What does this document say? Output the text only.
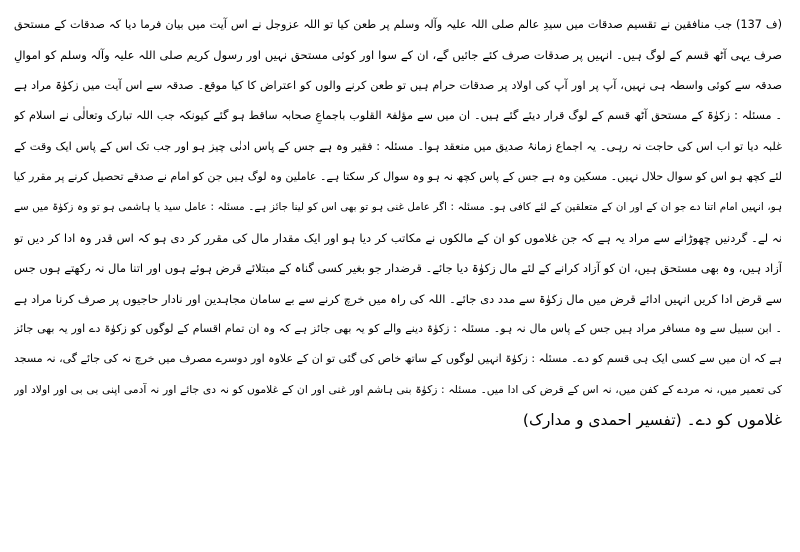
(ف 137) جب منافقین نے تقسیم صدقات میں سیدِ عالم صلی اللہ علیہ وآلہ وسلم پر طعن کیا تو اللہ عزوجل نے اس آیت میں بیان فرما دیا کہ صدقات کے مستحق
صرف یہی آٹھ قسم کے لوگ ہیں۔ انہیں پر صدقات صرف کئے جائیں گے، ان کے سوا اور کوئی مستحق نہیں اور رسول کریم صلی اللہ علیہ وآلہ وسلم کو اموالِ
صدقہ سے کوئی واسطہ ہی نہیں، آپ پر اور آپ کی اولاد پر صدقات حرام ہیں تو طعن کرنے والوں کو اعتراض کا کیا موقع۔ صدقہ سے اس آیت میں زکوٰۃ مراد ہے
۔ مسئلہ : زکوٰۃ کے مستحق آٹھ قسم کے لوگ قرار دیئے گئے ہیں۔ ان میں سے مؤلفۃ القلوب باجماعِ صحابہ ساقط ہو گئے کیونکہ جب اللہ تبارک وتعالٰی نے اسلام کو
غلبہ دیا تو اب اس کی حاجت نہ رہی۔ یہ اجماع زمانۂ صدیق میں منعقد ہوا۔ مسئلہ : فقیر وہ ہے جس کے پاس ادنٰی چیز ہو اور جب تک اس کے پاس ایک وقت کے
لئے کچھ ہو اس کو سوال حلال نہیں۔ مسکین وہ ہے جس کے پاس کچھ نہ ہو وہ سوال کر سکتا ہے۔ عاملین وہ لوگ ہیں جن کو امام نے صدقے تحصیل کرنے پر مقرر کیا
ہو، انہیں امام اتنا دے جو ان کے اور ان کے متعلقین کے لئے کافی ہو۔ مسئلہ : اگر عامل غنی ہو تو بھی اس کو لینا جائز ہے۔ مسئلہ : عامل سید یا ہاشمی ہو تو وہ زکوٰۃ میں سے
نہ لے۔ گردنیں چھوڑانے سے مراد یہ ہے کہ جن غلاموں کو ان کے مالکوں نے مکاتب کر دیا ہو اور ایک مقدار مال کی مقرر کر دی ہو کہ اس قدر وہ ادا کر دیں تو
آزاد ہیں، وہ بھی مستحق ہیں، ان کو آزاد کرانے کے لئے مال زکوٰۃ دیا جائے۔ قرضدار جو بغیر کسی گناہ کے مبتلائے قرض ہوئے ہوں اور اتنا مال نہ رکھتے ہوں جس
سے قرض ادا کریں انہیں ادائے قرض میں مال زکوٰۃ سے مدد دی جائے۔ اللہ کی راہ میں خرچ کرنے سے بے سامان مجاہدین اور نادار حاجیوں پر صرف کرنا مراد ہے
۔ ابن سبیل سے وہ مسافر مراد ہیں جس کے پاس مال نہ ہو۔ مسئلہ : زکوٰۃ دینے والے کو یہ بھی جائز ہے کہ وہ ان تمام اقسام کے لوگوں کو زکوٰۃ دے اور یہ بھی جائز
ہے کہ ان میں سے کسی ایک ہی قسم کو دے۔ مسئلہ : زکوٰۃ انہیں لوگوں کے ساتھ خاص کی گئی تو ان کے علاوہ اور دوسرے مصرف میں خرچ نہ کی جائے گی، نہ مسجد
کی تعمیر میں، نہ مردے کے کفن میں، نہ اس کے قرض کی ادا میں۔ مسئلہ : زکوٰۃ بنی ہاشم اور غنی اور ان کے غلاموں کو نہ دی جائے اور نہ آدمی اپنی بی بی اور اولاد اور
غلاموں کو دے۔ (تفسیر احمدی و مدارک)
